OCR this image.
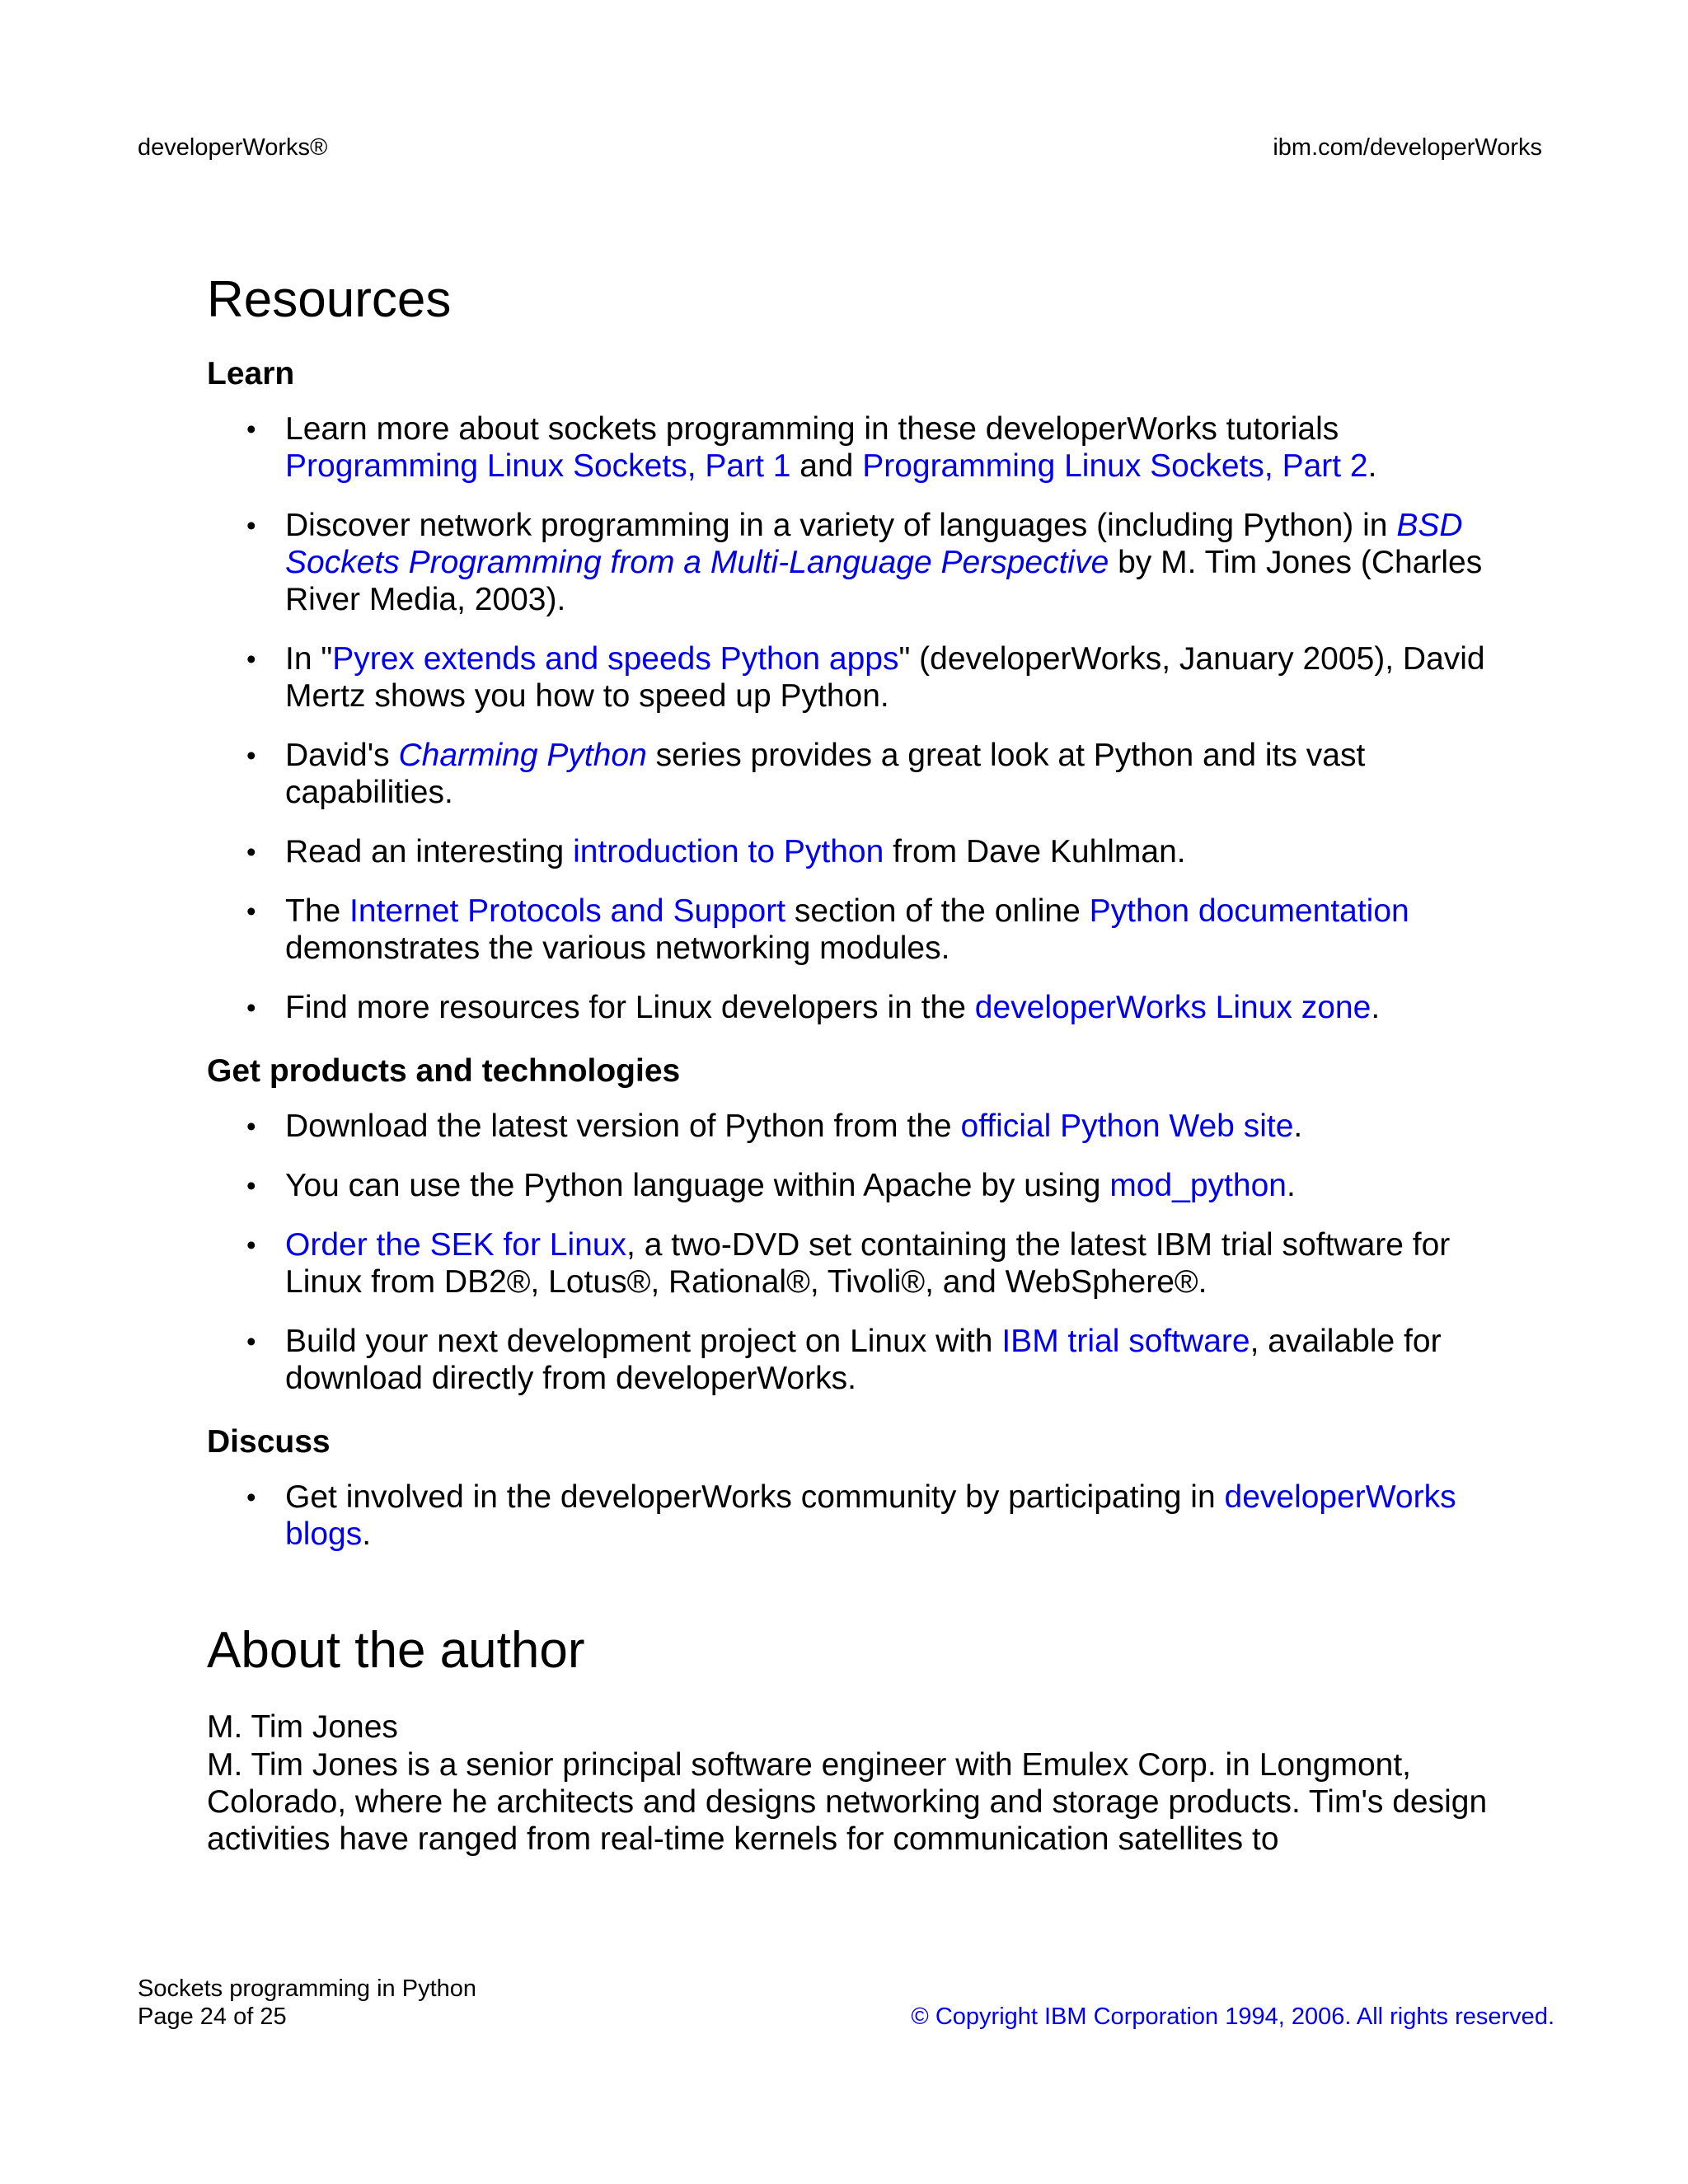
developerWorks®	ibm.com/developerWorks
Resources
Learn
• Learn more about sockets programming in these developerWorks tutorials Programming Linux Sockets, Part 1 and Programming Linux Sockets, Part 2.
• Discover network programming in a variety of languages (including Python) in BSD Sockets Programming from a Multi-Language Perspective by M. Tim Jones (Charles River Media, 2003).
• In "Pyrex extends and speeds Python apps" (developerWorks, January 2005), David Mertz shows you how to speed up Python.
• David's Charming Python series provides a great look at Python and its vast capabilities.
• Read an interesting introduction to Python from Dave Kuhlman.
• The Internet Protocols and Support section of the online Python documentation demonstrates the various networking modules.
• Find more resources for Linux developers in the developerWorks Linux zone.
Get products and technologies
• Download the latest version of Python from the official Python Web site.
• You can use the Python language within Apache by using mod_python.
• Order the SEK for Linux, a two-DVD set containing the latest IBM trial software for Linux from DB2®, Lotus®, Rational®, Tivoli®, and WebSphere®.
• Build your next development project on Linux with IBM trial software, available for download directly from developerWorks.
Discuss
• Get involved in the developerWorks community by participating in developerWorks blogs.
About the author
M. Tim Jones
M. Tim Jones is a senior principal software engineer with Emulex Corp. in Longmont, Colorado, where he architects and designs networking and storage products. Tim's design activities have ranged from real-time kernels for communication satellites to
Sockets programming in Python
Page 24 of 25	© Copyright IBM Corporation 1994, 2006. All rights reserved.
